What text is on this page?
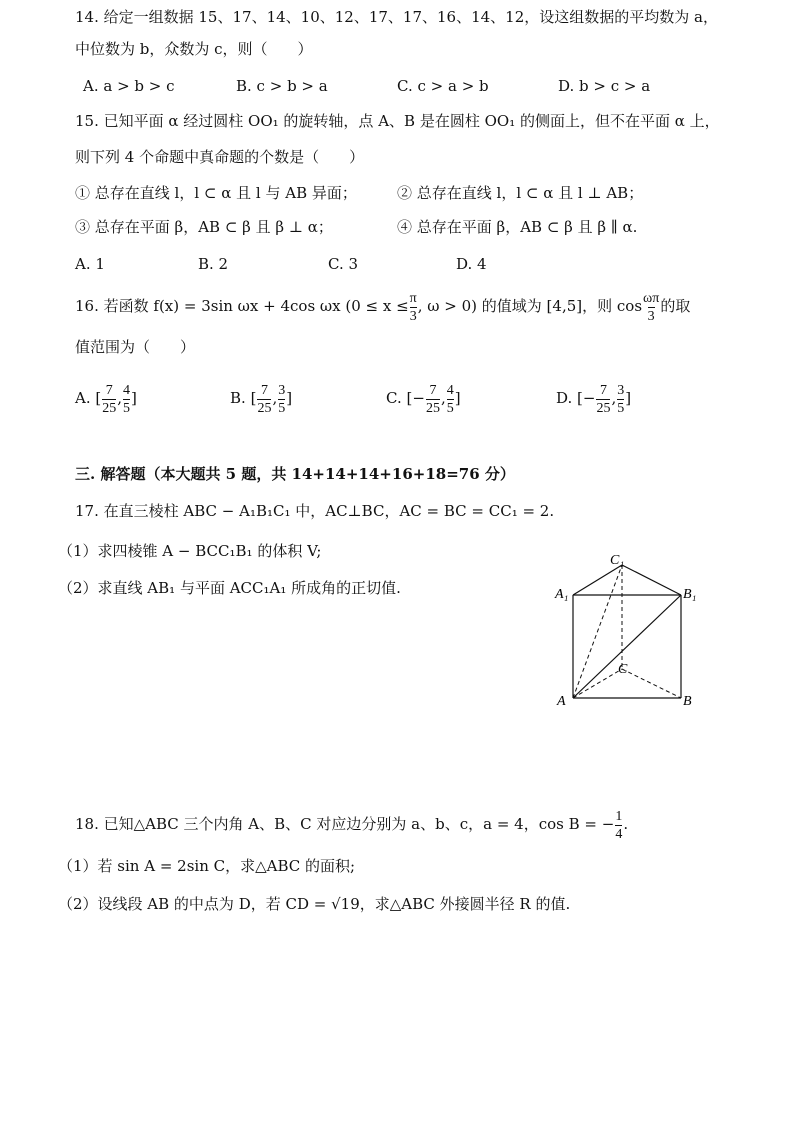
14. 给定一组数据 15、17、14、10、12、17、17、16、14、12，设这组数据的平均数为 a，
中位数为 b，众数为 c，则（　　）
A. a > b > c	B. c > b > a	C. c > a > b	D. b > c > a
15. 已知平面 α 经过圆柱 OO₁ 的旋转轴，点 A、B 是在圆柱 OO₁ 的侧面上，但不在平面 α 上，
则下列 4 个命题中真命题的个数是（　　）
① 总存在直线 l，l ⊂ α 且 l 与 AB 异面；	② 总存在直线 l，l ⊂ α 且 l ⊥ AB；
③ 总存在平面 β，AB ⊂ β 且 β ⊥ α；	④ 总存在平面 β，AB ⊂ β 且 β ∥ α.
A. 1	B. 2	C. 3	D. 4
16. 若函数 f(x) = 3sin ωx + 4cos ωx ($0 \le x \le \frac{\pi}{3}$ , ω > 0) 的值域为 [4,5]，则 $\cos \frac{\omega\pi}{3}$ 的取
值范围为（　　）
A. [ $\frac{7}{25}$ , $\frac{4}{5}$ ]	B. [ $\frac{7}{25}$ , $\frac{3}{5}$ ]	C. [− $\frac{7}{25}$ , $\frac{4}{5}$ ]	D. [− $\frac{7}{25}$ , $\frac{3}{5}$ ]
三. 解答题（本大题共 5 题，共 14+14+14+16+18=76 分）
17. 在直三棱柱 ABC − A₁B₁C₁ 中，AC⊥BC，AC = BC = CC₁ = 2.
（1）求四棱锥 A − BCC₁B₁ 的体积 V;
（2）求直线 AB₁ 与平面 ACC₁A₁ 所成角的正切值.
C₁
A₁	B₁
C
A	B
18. 已知△ABC 三个内角 A、B、C 对应边分别为 a、b、c，a = 4，cos B = − $\frac{1}{4}$ .
（1）若 sin A = 2sin C，求△ABC 的面积;
（2）设线段 AB 的中点为 D，若 CD = √19，求△ABC 外接圆半径 R 的值.
